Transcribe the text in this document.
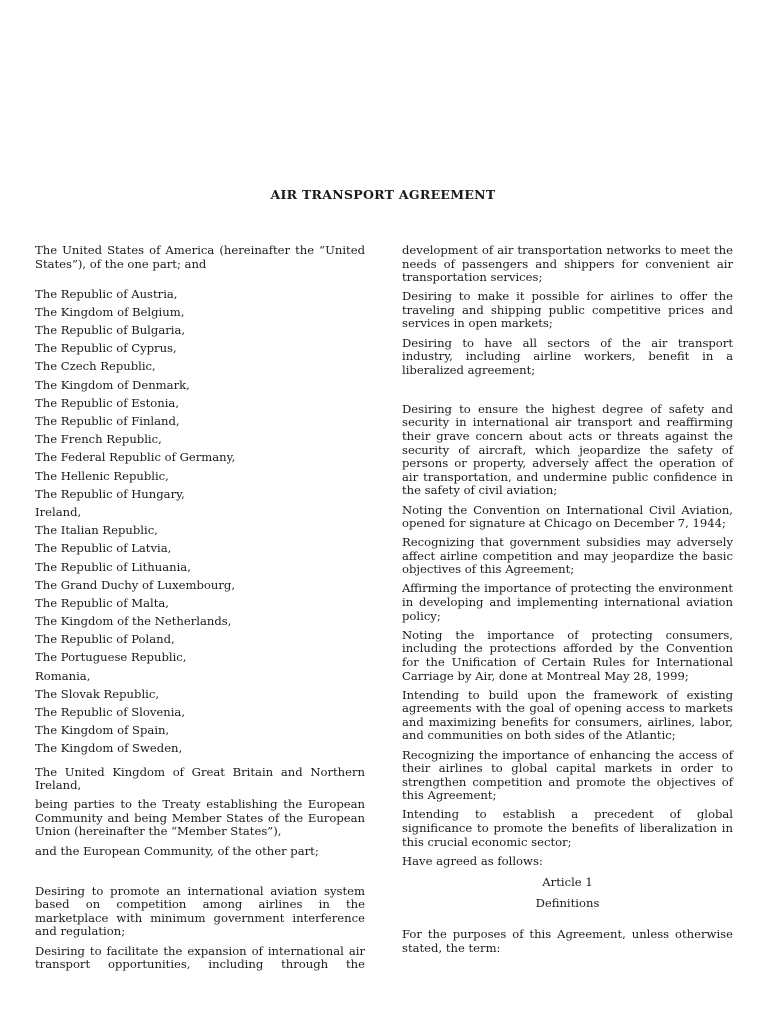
AIR TRANSPORT AGREEMENT

The United States of America (hereinafter the “United States”), of the one part; and

The Republic of Austria,
The Kingdom of Belgium,
The Republic of Bulgaria,
The Republic of Cyprus,
The Czech Republic,
The Kingdom of Denmark,
The Republic of Estonia,
The Republic of Finland,
The French Republic,
The Federal Republic of Germany,
The Hellenic Republic,
The Republic of Hungary,
Ireland,
The Italian Republic,
The Republic of Latvia,
The Republic of Lithuania,
The Grand Duchy of Luxembourg,
The Republic of Malta,
The Kingdom of the Netherlands,
The Republic of Poland,
The Portuguese Republic,
Romania,
The Slovak Republic,
The Republic of Slovenia,
The Kingdom of Spain,
The Kingdom of Sweden,

The United Kingdom of Great Britain and Northern Ireland,

being parties to the Treaty establishing the European Community and being Member States of the European Union (hereinafter the “Member States”),

and the European Community, of the other part;

Desiring to promote an international aviation system based on competition among airlines in the marketplace with minimum government interference and regulation;

Desiring to facilitate the expansion of international air transport opportunities, including through the

development of air transportation networks to meet the needs of passengers and shippers for convenient air transportation services;

Desiring to make it possible for airlines to offer the traveling and shipping public competitive prices and services in open markets;

Desiring to have all sectors of the air transport industry, including airline workers, benefit in a liberalized agreement;

Desiring to ensure the highest degree of safety and security in international air transport and reaffirming their grave concern about acts or threats against the security of aircraft, which jeopardize the safety of persons or property, adversely affect the operation of air transportation, and undermine public confidence in the safety of civil aviation;

Noting the Convention on International Civil Aviation, opened for signature at Chicago on December 7, 1944;

Recognizing that government subsidies may adversely affect airline competition and may jeopardize the basic objectives of this Agreement;

Affirming the importance of protecting the environment in developing and implementing international aviation policy;

Noting the importance of protecting consumers, including the protections afforded by the Convention for the Unification of Certain Rules for International Carriage by Air, done at Montreal May 28, 1999;

Intending to build upon the framework of existing agreements with the goal of opening access to markets and maximizing benefits for consumers, airlines, labor, and communities on both sides of the Atlantic;

Recognizing the importance of enhancing the access of their airlines to global capital markets in order to strengthen competition and promote the objectives of this Agreement;

Intending to establish a precedent of global significance to promote the benefits of liberalization in this crucial economic sector;

Have agreed as follows:

Article 1

Definitions

For the purposes of this Agreement, unless otherwise stated, the term:
